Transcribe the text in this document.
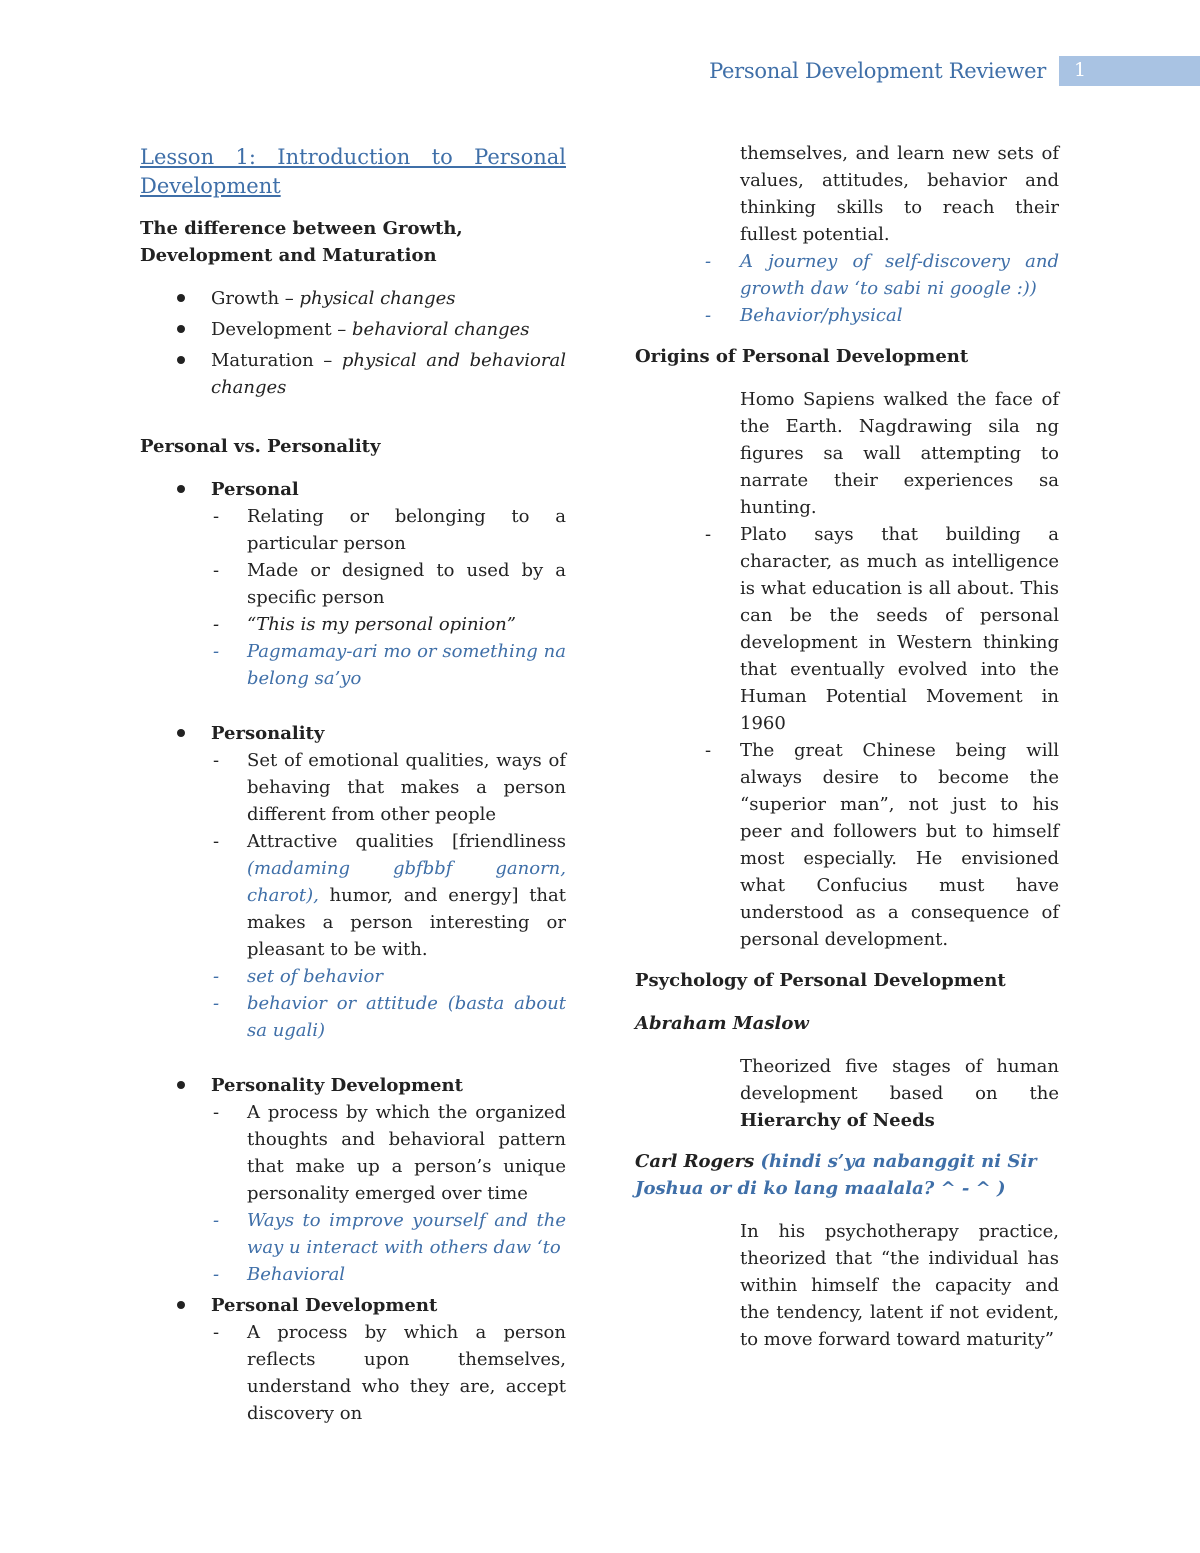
Personal Development Reviewer 1
Lesson 1: Introduction to Personal Development
The difference between Growth, Development and Maturation
Growth – physical changes
Development – behavioral changes
Maturation – physical and behavioral changes
Personal vs. Personality
Personal
- Relating or belonging to a particular person
- Made or designed to used by a specific person
- “This is my personal opinion”
- Pagmamay-ari mo or something na belong sa’yo
Personality
- Set of emotional qualities, ways of behaving that makes a person different from other people
- Attractive qualities [friendliness (madaming gbfbbf ganorn, charot), humor, and energy] that makes a person interesting or pleasant to be with.
- set of behavior
- behavior or attitude (basta about sa ugali)
Personality Development
- A process by which the organized thoughts and behavioral pattern that make up a person’s unique personality emerged over time
- Ways to improve yourself and the way u interact with others daw ‘to
- Behavioral
Personal Development
- A process by which a person reflects upon themselves, understand who they are, accept discovery on
themselves, and learn new sets of values, attitudes, behavior and thinking skills to reach their fullest potential.
- A journey of self-discovery and growth daw ‘to sabi ni google :))
- Behavior/physical
Origins of Personal Development
Homo Sapiens walked the face of the Earth. Nagdrawing sila ng figures sa wall attempting to narrate their experiences sa hunting.
- Plato says that building a character, as much as intelligence is what education is all about. This can be the seeds of personal development in Western thinking that eventually evolved into the Human Potential Movement in 1960
- The great Chinese being will always desire to become the “superior man”, not just to his peer and followers but to himself most especially. He envisioned what Confucius must have understood as a consequence of personal development.
Psychology of Personal Development
Abraham Maslow
Theorized five stages of human development based on the Hierarchy of Needs
Carl Rogers (hindi s’ya nabanggit ni Sir Joshua or di ko lang maalala? ^ - ^ )
In his psychotherapy practice, theorized that “the individual has within himself the capacity and the tendency, latent if not evident, to move forward toward maturity”
